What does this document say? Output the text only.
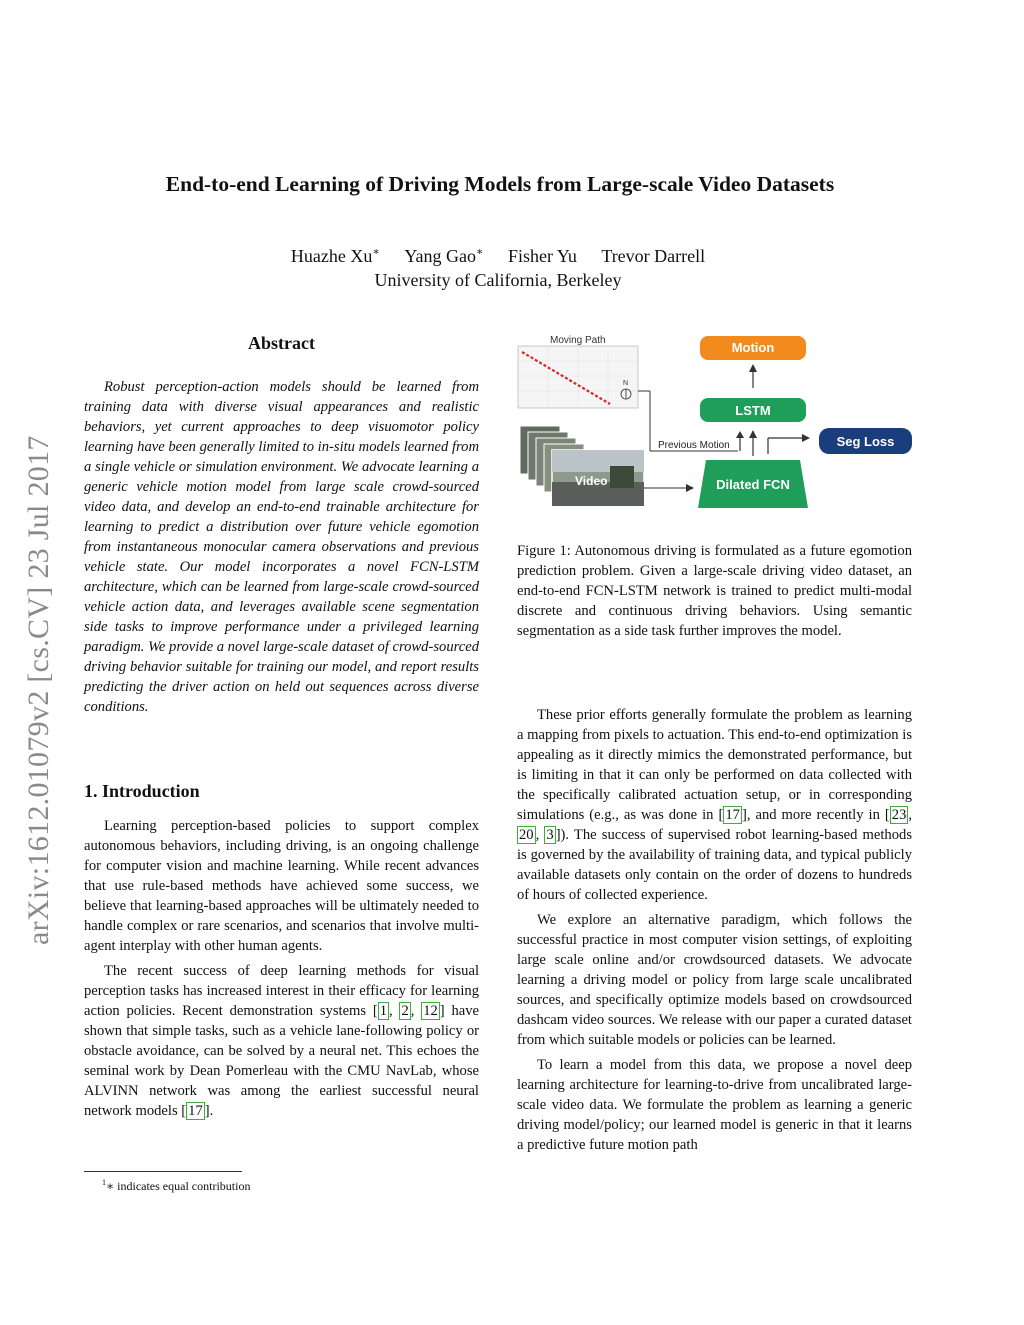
End-to-end Learning of Driving Models from Large-scale Video Datasets
Huazhe Xu∗ Yang Gao∗ Fisher Yu Trevor Darrell
University of California, Berkeley
arXiv:1612.01079v2 [cs.CV] 23 Jul 2017
Abstract

Robust perception-action models should be learned from training data with diverse visual appearances and realistic behaviors, yet current approaches to deep visuomotor policy learning have been generally limited to in-situ models learned from a single vehicle or simulation environment. We advocate learning a generic vehicle motion model from large scale crowd-sourced video data, and develop an end-to-end trainable architecture for learning to predict a distribution over future vehicle egomotion from instantaneous monocular camera observations and previous vehicle state. Our model incorporates a novel FCN-LSTM architecture, which can be learned from large-scale crowd-sourced vehicle action data, and leverages available scene segmentation side tasks to improve performance under a privileged learning paradigm. We provide a novel large-scale dataset of crowd-sourced driving behavior suitable for training our model, and report results predicting the driver action on held out sequences across diverse conditions.

1. Introduction

Learning perception-based policies to support complex autonomous behaviors, including driving, is an ongoing challenge for computer vision and machine learning. While recent advances that use rule-based methods have achieved some success, we believe that learning-based approaches will be ultimately needed to handle complex or rare scenarios, and scenarios that involve multi-agent interplay with other human agents.

The recent success of deep learning methods for visual perception tasks has increased interest in their efficacy for learning action policies. Recent demonstration systems [ 1 , 2 , 12 ] have shown that simple tasks, such as a vehicle lane-following policy or obstacle avoidance, can be solved by a neural net. This echoes the seminal work by Dean Pomerleau with the CMU NavLab, whose ALVINN network was among the earliest successful neural network models [ 17 ].

$^1$∗ indicates equal contribution
Moving Path
N
Previous Motion
Video
Motion
LSTM
Seg Loss
Dilated FCN

Figure 1: Autonomous driving is formulated as a future egomotion prediction problem. Given a large-scale driving video dataset, an end-to-end FCN-LSTM network is trained to predict multi-modal discrete and continuous driving behaviors. Using semantic segmentation as a side task further improves the model.

These prior efforts generally formulate the problem as learning a mapping from pixels to actuation. This end-to-end optimization is appealing as it directly mimics the demonstrated performance, but is limiting in that it can only be performed on data collected with the specifically calibrated actuation setup, or in corresponding simulations (e.g., as was done in [ 17 ], and more recently in [ 23 , 20 , 3 ]). The success of supervised robot learning-based methods is governed by the availability of training data, and typical publicly available datasets only contain on the order of dozens to hundreds of hours of collected experience.

We explore an alternative paradigm, which follows the successful practice in most computer vision settings, of exploiting large scale online and/or crowdsourced datasets. We advocate learning a driving model or policy from large scale uncalibrated sources, and specifically optimize models based on crowdsourced dashcam video sources. We release with our paper a curated dataset from which suitable models or policies can be learned.

To learn a model from this data, we propose a novel deep learning architecture for learning-to-drive from uncalibrated large-scale video data. We formulate the problem as learning a generic driving model/policy; our learned model is generic in that it learns a predictive future motion path
